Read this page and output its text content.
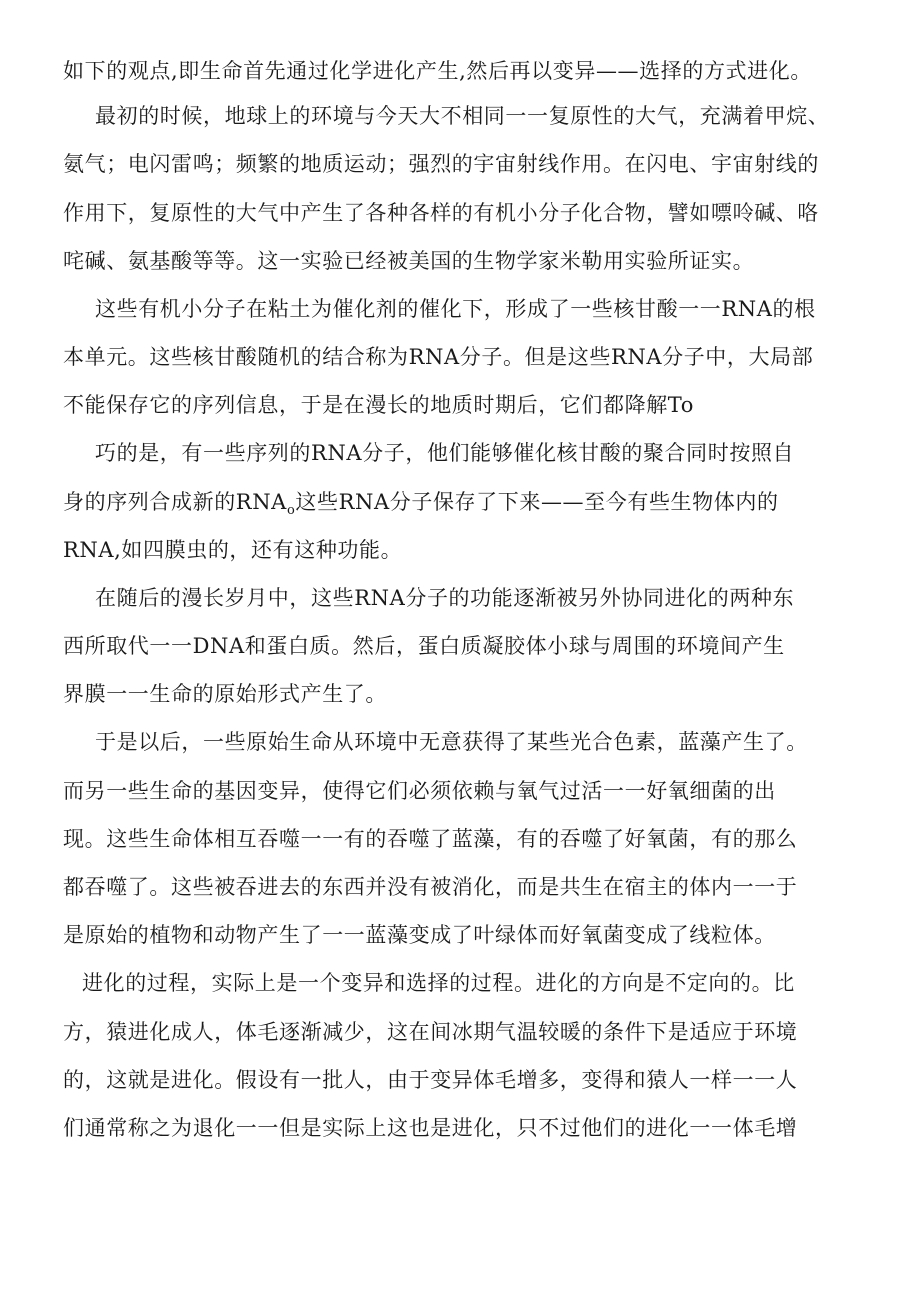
如下的观点,即生命首先通过化学进化产生,然后再以变异——选择的方式进化。
最初的时候，地球上的环境与今天大不相同一一复原性的大气，充满着甲烷、
氨气；电闪雷鸣；频繁的地质运动；强烈的宇宙射线作用。在闪电、宇宙射线的
作用下，复原性的大气中产生了各种各样的有机小分子化合物，譬如嘌呤碱、咯
咤碱、氨基酸等等。这一实验已经被美国的生物学家米勒用实验所证实。
这些有机小分子在粘土为催化剂的催化下，形成了一些核甘酸一一RNA的根
本单元。这些核甘酸随机的结合称为RNA分子。但是这些RNA分子中，大局部
不能保存它的序列信息，于是在漫长的地质时期后，它们都降解To
巧的是，有一些序列的RNA分子，他们能够催化核甘酸的聚合同时按照自
身的序列合成新的$RNA_o$这些RNA分子保存了下来——至今有些生物体内的
RNA,如四膜虫的，还有这种功能。
在随后的漫长岁月中，这些RNA分子的功能逐渐被另外协同进化的两种东
西所取代一一DNA和蛋白质。然后，蛋白质凝胶体小球与周围的环境间产生
界膜一一生命的原始形式产生了。
于是以后，一些原始生命从环境中无意获得了某些光合色素，蓝藻产生了。
而另一些生命的基因变异，使得它们必须依赖与氧气过活一一好氧细菌的出
现。这些生命体相互吞噬一一有的吞噬了蓝藻，有的吞噬了好氧菌，有的那么
都吞噬了。这些被吞进去的东西并没有被消化，而是共生在宿主的体内一一于
是原始的植物和动物产生了一一蓝藻变成了叶绿体而好氧菌变成了线粒体。
进化的过程，实际上是一个变异和选择的过程。进化的方向是不定向的。比
方，猿进化成人，体毛逐渐减少，这在间冰期气温较暖的条件下是适应于环境
的，这就是进化。假设有一批人，由于变异体毛增多，变得和猿人一样一一人
们通常称之为退化一一但是实际上这也是进化，只不过他们的进化一一体毛增
